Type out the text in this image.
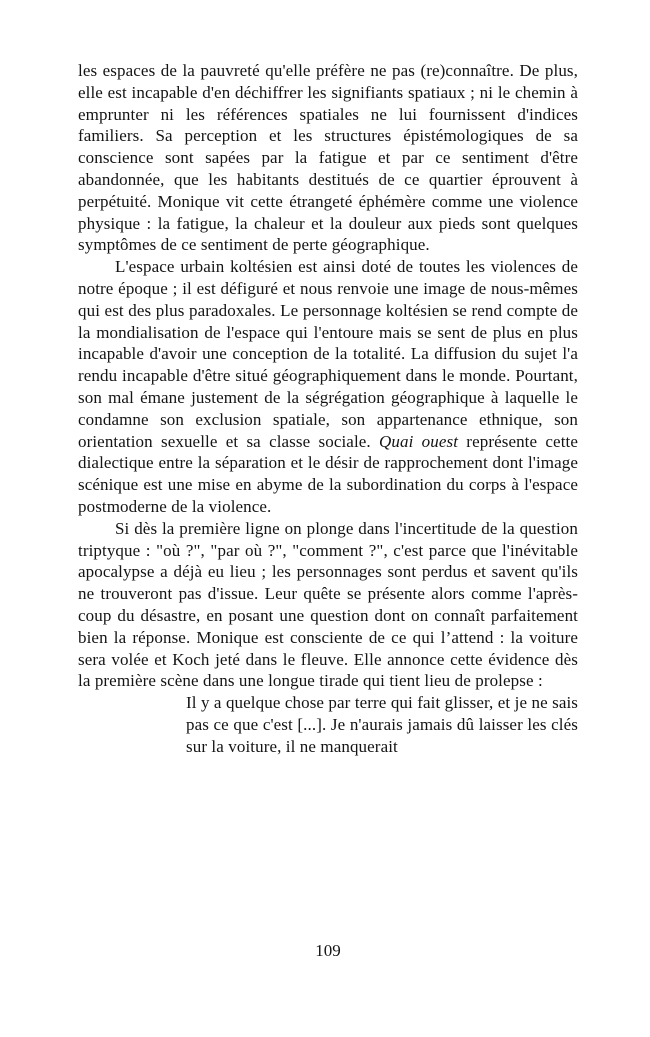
les espaces de la pauvreté qu'elle préfère ne pas (re)connaître. De plus, elle est incapable d'en déchiffrer les signifiants spatiaux ; ni le chemin à emprunter ni les références spatiales ne lui fournissent d'indices familiers. Sa perception et les structures épistémologiques de sa conscience sont sapées par la fatigue et par ce sentiment d'être abandonnée, que les habitants destitués de ce quartier éprouvent à perpétuité. Monique vit cette étrangeté éphémère comme une violence physique : la fatigue, la chaleur et la douleur aux pieds sont quelques symptômes de ce sentiment de perte géographique.

L'espace urbain koltésien est ainsi doté de toutes les violences de notre époque ; il est défiguré et nous renvoie une image de nous-mêmes qui est des plus paradoxales. Le personnage koltésien se rend compte de la mondialisation de l'espace qui l'entoure mais se sent de plus en plus incapable d'avoir une conception de la totalité. La diffusion du sujet l'a rendu incapable d'être situé géographiquement dans le monde. Pourtant, son mal émane justement de la ségrégation géographique à laquelle le condamne son exclusion spatiale, son appartenance ethnique, son orientation sexuelle et sa classe sociale. Quai ouest représente cette dialectique entre la séparation et le désir de rapprochement dont l'image scénique est une mise en abyme de la subordination du corps à l'espace postmoderne de la violence.

Si dès la première ligne on plonge dans l'incertitude de la question triptyque : "où ?", "par où ?", "comment ?", c'est parce que l'inévitable apocalypse a déjà eu lieu ; les personnages sont perdus et savent qu'ils ne trouveront pas d'issue. Leur quête se présente alors comme l'après-coup du désastre, en posant une question dont on connaît parfaitement bien la réponse. Monique est consciente de ce qui l’attend : la voiture sera volée et Koch jeté dans le fleuve. Elle annonce cette évidence dès la première scène dans une longue tirade qui tient lieu de prolepse :

Il y a quelque chose par terre qui fait glisser, et je ne sais pas ce que c'est [...]. Je n'aurais jamais dû laisser les clés sur la voiture, il ne manquerait
109
